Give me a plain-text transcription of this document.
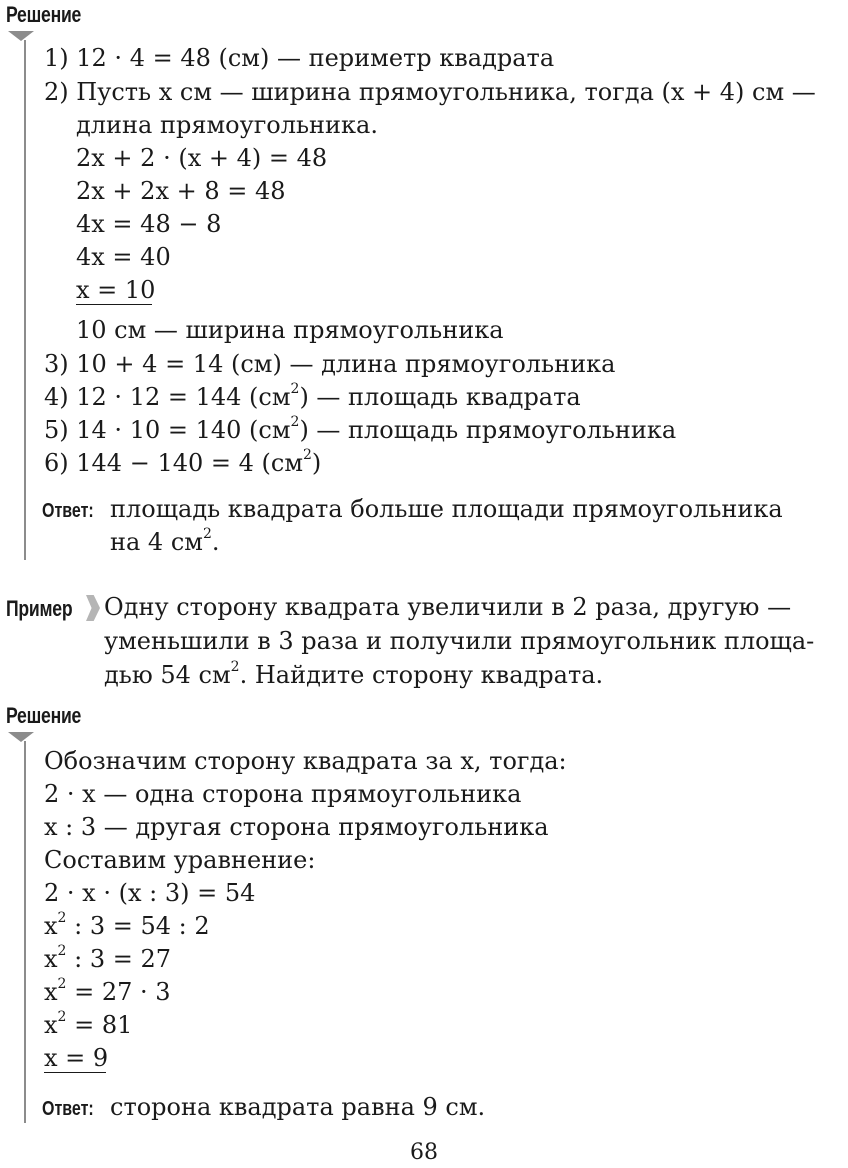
Решение
1) 12 · 4 = 48 (см) — периметр квадрата
2) Пусть x см — ширина прямоугольника, тогда (x + 4) см —
длина прямоугольника.
2x + 2 · (x + 4) = 48
2x + 2x + 8 = 48
4x = 48 − 8
4x = 40
x = 10
10 см — ширина прямоугольника
3) 10 + 4 = 14 (см) — длина прямоугольника
4) 12 · 12 = 144 $(см^2)$ — площадь квадрата
5) 14 · 10 = 140 $(см^2)$ — площадь прямоугольника
6) 144 − 140 = 4 $(см^2)$
Ответ: площадь квадрата больше площади прямоугольника
на 4 $см^2$.
Пример Одну сторону квадрата увеличили в 2 раза, другую —
уменьшили в 3 раза и получили прямоугольник площа-
дью 54 $см^2$. Найдите сторону квадрата.
Решение
Обозначим сторону квадрата за x, тогда:
2 · x — одна сторона прямоугольника
x : 3 — другая сторона прямоугольника
Составим уравнение:
2 · x · (x : 3) = 54
$x^2$ : 3 = 54 : 2
$x^2$ : 3 = 27
$x^2 = 27 \cdot 3$
$x^2 = 81$
x = 9
Ответ: сторона квадрата равна 9 см.
68
